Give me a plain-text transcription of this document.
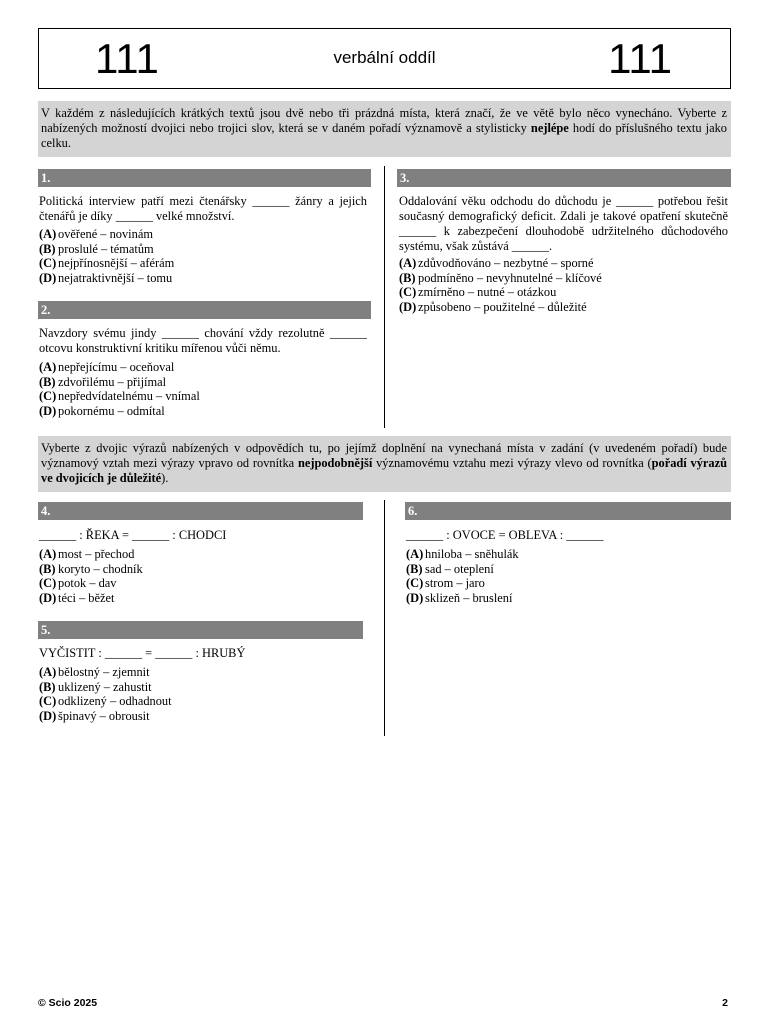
111	verbální oddíl	111
V každém z následujících krátkých textů jsou dvě nebo tři prázdná místa, která značí, že ve větě bylo něco vynecháno. Vyberte z nabízených možností dvojici nebo trojici slov, která se v daném pořadí významově a stylisticky nejlépe hodí do příslušného textu jako celku.
1.
Politická interview patří mezi čtenářsky ______ žánry a jejich čtenářů je díky ______ velké množství.
(A) ověřené – novinám
(B) proslulé – tématům
(C) nejpřínosnější – aférám
(D) nejatraktivnější – tomu
2.
Navzdory svému jindy ______ chování vždy rezolutně ______ otcovu konstruktivní kritiku mířenou vůči němu.
(A) nepřejícímu – oceňoval
(B) zdvořilému – přijímal
(C) nepředvídatelnému – vnímal
(D) pokornému – odmítal
3.
Oddalování věku odchodu do důchodu je ______ potřebou řešit současný demografický deficit. Zdali je takové opatření skutečně ______ k zabezpečení dlouhodobě udržitelného důchodového systému, však zůstává ______.
(A) zdůvodňováno – nezbytné – sporné
(B) podmíněno – nevyhnutelné – klíčové
(C) zmírněno – nutné – otázkou
(D) způsobeno – použitelné – důležité
Vyberte z dvojic výrazů nabízených v odpovědích tu, po jejímž doplnění na vynechaná místa v zadání (v uvedeném pořadí) bude významový vztah mezi výrazy vpravo od rovnítka nejpodobnější významovému vztahu mezi výrazy vlevo od rovnítka (pořadí výrazů ve dvojicích je důležité).
4.
______ : ŘEKA = ______ : CHODCI
(A) most – přechod
(B) koryto – chodník
(C) potok – dav
(D) téci – běžet
5.
VYČISTIT : ______ = ______ : HRUBÝ
(A) bělostný – zjemnit
(B) uklizený – zahustit
(C) odklizený – odhadnout
(D) špinavý – obrousit
6.
______ : OVOCE = OBLEVA : ______
(A) hniloba – sněhulák
(B) sad – oteplení
(C) strom – jaro
(D) sklizeň – bruslení
© Scio 2025	2
